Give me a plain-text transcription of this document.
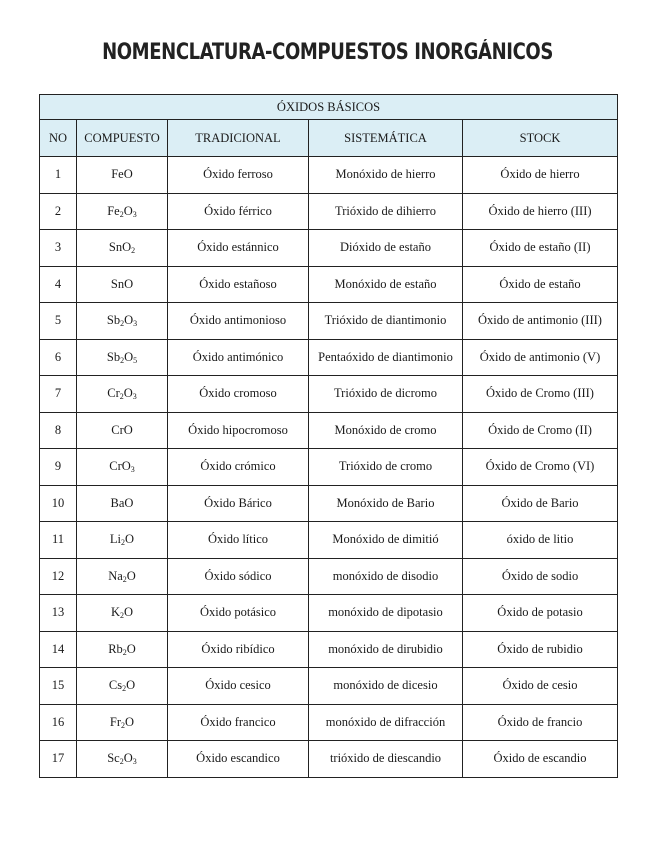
NOMENCLATURA-COMPUESTOS INORGÁNICOS
ÓXIDOS BÁSICOS				
NO	COMPUESTO	TRADICIONAL	SISTEMÁTICA	STOCK
1	FeO	Óxido ferroso	Monóxido de hierro	Óxido de hierro
2	$Fe_2O_3$	Óxido férrico	Trióxido de dihierro	Óxido de hierro (III)
3	SnO$_2$	Óxido estánnico	Dióxido de estaño	Óxido de estaño (II)
4	SnO	Óxido estañoso	Monóxido de estaño	Óxido de estaño
5	$Sb_2O_3$	Óxido antimonioso	Trióxido de diantimonio	Óxido de antimonio (III)
6	$Sb_2O_5$	Óxido antimónico	Pentaóxido de diantimonio	Óxido de antimonio (V)
7	$Cr_2O_3$	Óxido cromoso	Trióxido de dicromo	Óxido de Cromo (III)
8	CrO	Óxido hipocromoso	Monóxido de cromo	Óxido de Cromo (II)
9	CrO$_3$	Óxido crómico	Trióxido de cromo	Óxido de Cromo (VI)
10	BaO	Óxido Bárico	Monóxido de Bario	Óxido de Bario
11	$Li_2O$	Óxido lítico	Monóxido de dimitió	óxido de litio
12	$Na_2O$	Óxido sódico	monóxido de disodio	Óxido de sodio
13	$K_2O$	Óxido potásico	monóxido de dipotasio	Óxido de potasio
14	$Rb_2O$	Óxido ribídico	monóxido de dirubidio	Óxido de rubidio
15	$Cs_2O$	Óxido cesico	monóxido de dicesio	Óxido de cesio
16	$Fr_2O$	Óxido francico	monóxido de difracción	Óxido de francio
17	$Sc_2O_3$	Óxido escandico	trióxido de diescandio	Óxido de escandio
